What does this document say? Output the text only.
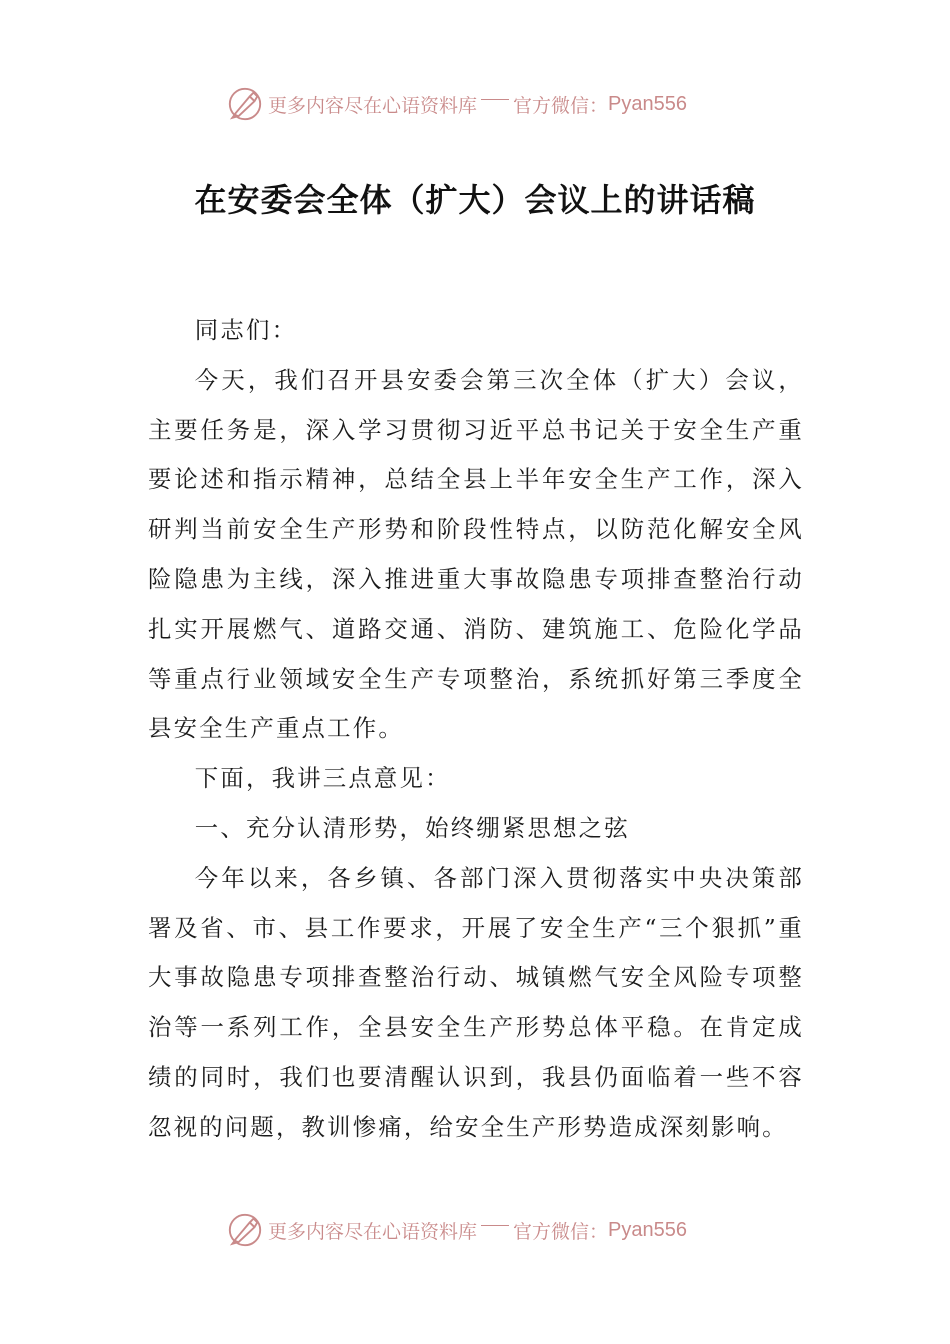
更多内容尽在心语资料库 官方微信： Pyan556
在安委会全体（扩大）会议上的讲话稿

同志们：

今天，我们召开县安委会第三次全体（扩大）会议，主要任务是，深入学习贯彻习近平总书记关于安全生产重要论述和指示精神，总结全县上半年安全生产工作，深入研判当前安全生产形势和阶段性特点，以防范化解安全风险隐患为主线，深入推进重大事故隐患专项排查整治行动扎实开展燃气、道路交通、消防、建筑施工、危险化学品等重点行业领域安全生产专项整治，系统抓好第三季度全县安全生产重点工作。

下面，我讲三点意见：

一、充分认清形势，始终绷紧思想之弦

今年以来，各乡镇、各部门深入贯彻落实中央决策部署及省、市、县工作要求，开展了安全生产“三个狠抓”重大事故隐患专项排查整治行动、城镇燃气安全风险专项整治等一系列工作，全县安全生产形势总体平稳。在肯定成绩的同时，我们也要清醒认识到，我县仍面临着一些不容忽视的问题，教训惨痛，给安全生产形势造成深刻影响。

更多内容尽在心语资料库 官方微信： Pyan556
